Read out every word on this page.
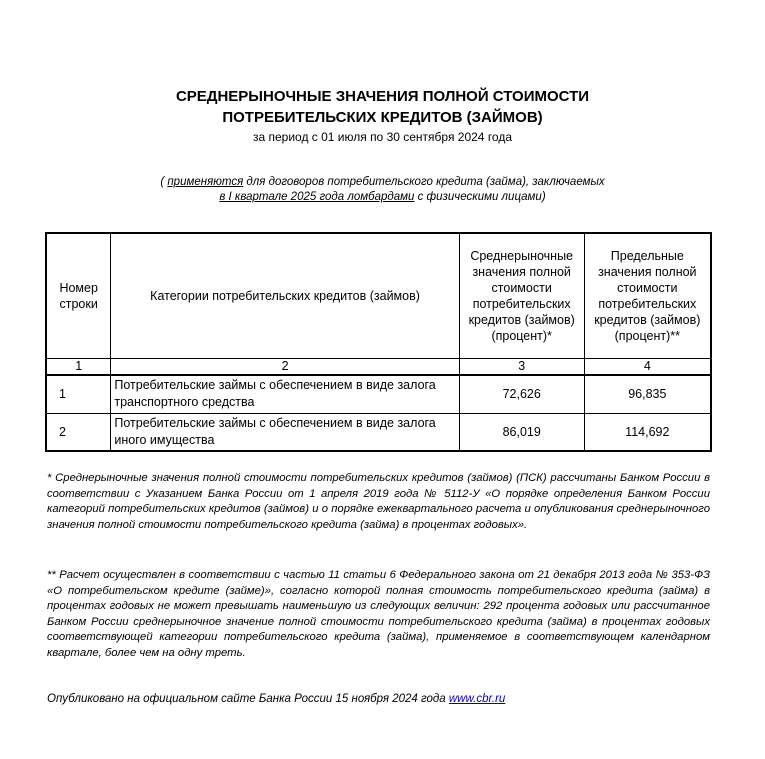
СРЕДНЕРЫНОЧНЫЕ ЗНАЧЕНИЯ ПОЛНОЙ СТОИМОСТИ
ПОТРЕБИТЕЛЬСКИХ КРЕДИТОВ (ЗАЙМОВ)
за период с 01 июля по 30 сентября 2024 года
( применяются для договоров потребительского кредита (займа), заключаемых
в I квартале 2025 года ломбардами с физическими лицами)
Номер строки	Категории потребительских кредитов (займов)	Среднерыночные значения полной стоимости потребительских кредитов (займов) (процент)*	Предельные значения полной стоимости потребительских кредитов (займов) (процент)**
1	2	3	4
1	Потребительские займы с обеспечением в виде залога транспортного средства	72,626	96,835
2	Потребительские займы с обеспечением в виде залога иного имущества	86,019	114,692
* Среднерыночные значения полной стоимости потребительских кредитов (займов) (ПСК) рассчитаны Банком России в соответствии с Указанием Банка России от 1 апреля 2019 года № 5112-У «О порядке определения Банком России категорий потребительских кредитов (займов) и о порядке ежеквартального расчета и опубликования среднерыночного значения полной стоимости потребительского кредита (займа) в процентах годовых».
** Расчет осуществлен в соответствии с частью 11 статьи 6 Федерального закона от 21 декабря 2013 года № 353-ФЗ «О потребительском кредите (займе)», согласно которой полная стоимость потребительского кредита (займа) в процентах годовых не может превышать наименьшую из следующих величин: 292 процента годовых или рассчитанное Банком России среднерыночное значение полной стоимости потребительского кредита (займа) в процентах годовых соответствующей категории потребительского кредита (займа), применяемое в соответствующем календарном квартале, более чем на одну треть.
Опубликовано на официальном сайте Банка России 15 ноября 2024 года www.cbr.ru
